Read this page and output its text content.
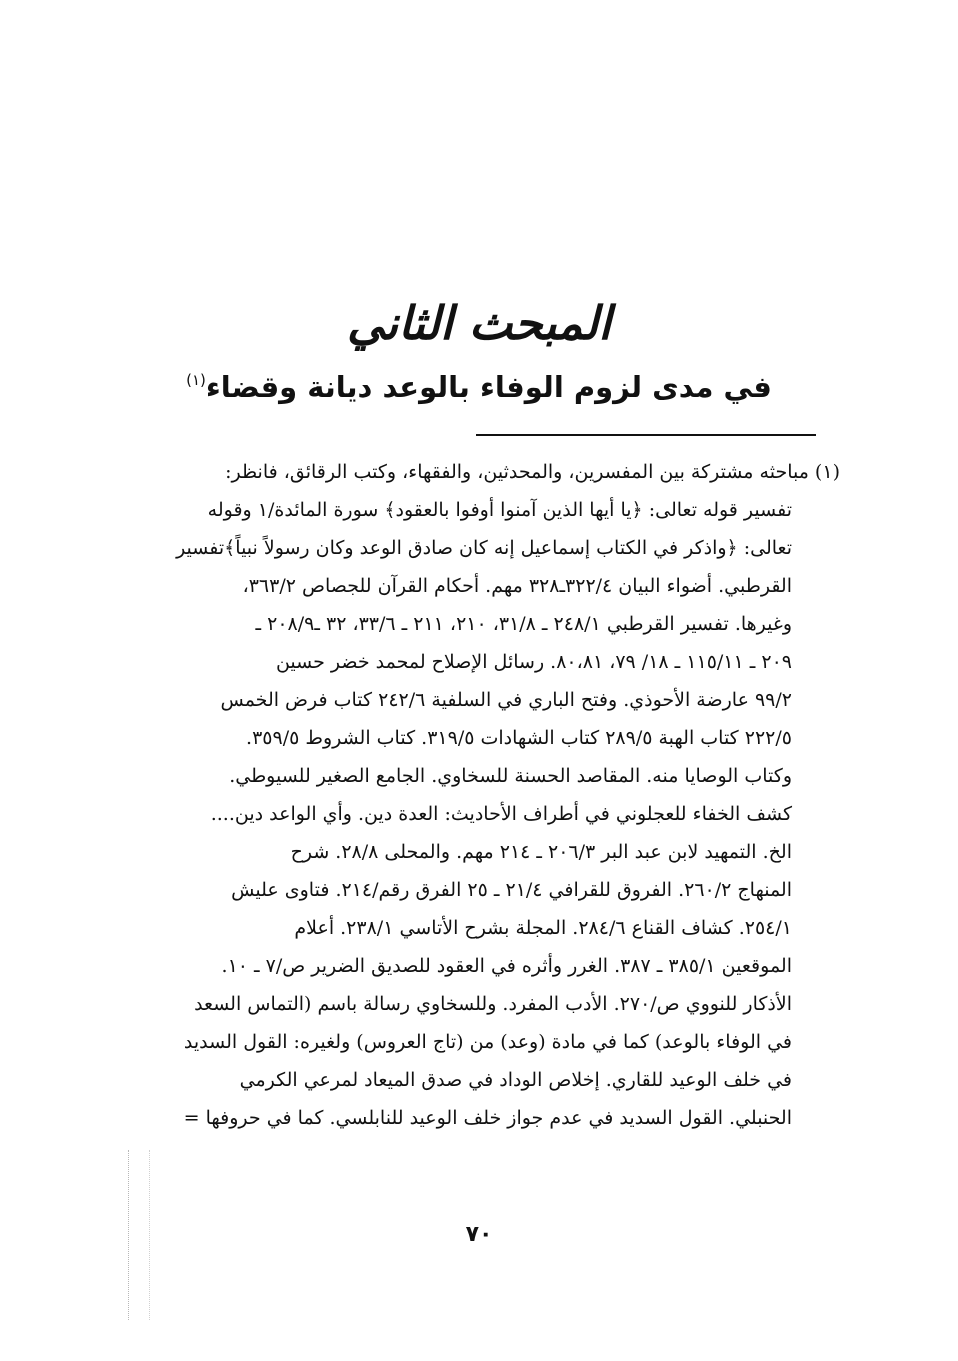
المبحث الثاني
في مدى لزوم الوفاء بالوعد ديانة وقضاء$^{(١)}$
(١) مباحثه مشتركة بين المفسرين، والمحدثين، والفقهاء، وكتب الرقائق، فانظر:
تفسير قوله تعالى: ﴿يا أيها الذين آمنوا أوفوا بالعقود﴾ سورة المائدة/١ وقوله
تعالى: ﴿واذكر في الكتاب إسماعيل إنه كان صادق الوعد وكان رسولاً نبياً﴾تفسير
القرطبي. أضواء البيان ٣٢٢/٤ـ٣٢٨ مهم. أحكام القرآن للجصاص ٣٦٣/٢،
وغيرها. تفسير القرطبي ٢٤٨/١ ـ ٣١/٨، ٢١٠، ٢١١ ـ ٣٣/٦، ٣٢ ـ٢٠٨/٩ ـ
٢٠٩ ـ ١١٥/١١ ـ ١٨/ ٧٩، ٨٠،٨١. رسائل الإصلاح لمحمد خضر حسين
٩٩/٢ عارضة الأحوذي. وفتح الباري في السلفية ٢٤٢/٦ كتاب فرض الخمس
٢٢٢/٥ كتاب الهبة ٢٨٩/٥ كتاب الشهادات ٣١٩/٥. كتاب الشروط ٣٥٩/٥.
وكتاب الوصايا منه. المقاصد الحسنة للسخاوي. الجامع الصغير للسيوطي.
كشف الخفاء للعجلوني في أطراف الأحاديث: العدة دين. وأي الواعد دين....
الخ. التمهيد لابن عبد البر ٢٠٦/٣ ـ ٢١٤ مهم. والمحلى ٢٨/٨. شرح
المنهاج ٢٦٠/٢. الفروق للقرافي ٢١/٤ ـ ٢٥ الفرق رقم/٢١٤. فتاوى عليش
٢٥٤/١. كشاف القناع ٢٨٤/٦. المجلة بشرح الأتاسي ٢٣٨/١. أعلام
الموقعين ٣٨٥/١ ـ ٣٨٧. الغرر وأثره في العقود للصديق الضرير ص/٧ ـ ١٠.
الأذكار للنووي ص/٢٧٠. الأدب المفرد. وللسخاوي رسالة باسم (التماس السعد
في الوفاء بالوعد) كما في مادة (وعد) من (تاج العروس) ولغيره: القول السديد
في خلف الوعيد للقاري. إخلاص الوداد في صدق الميعاد لمرعي الكرمي
الحنبلي. القول السديد في عدم جواز خلف الوعيد للنابلسي. كما في حروفها =
٧٠
